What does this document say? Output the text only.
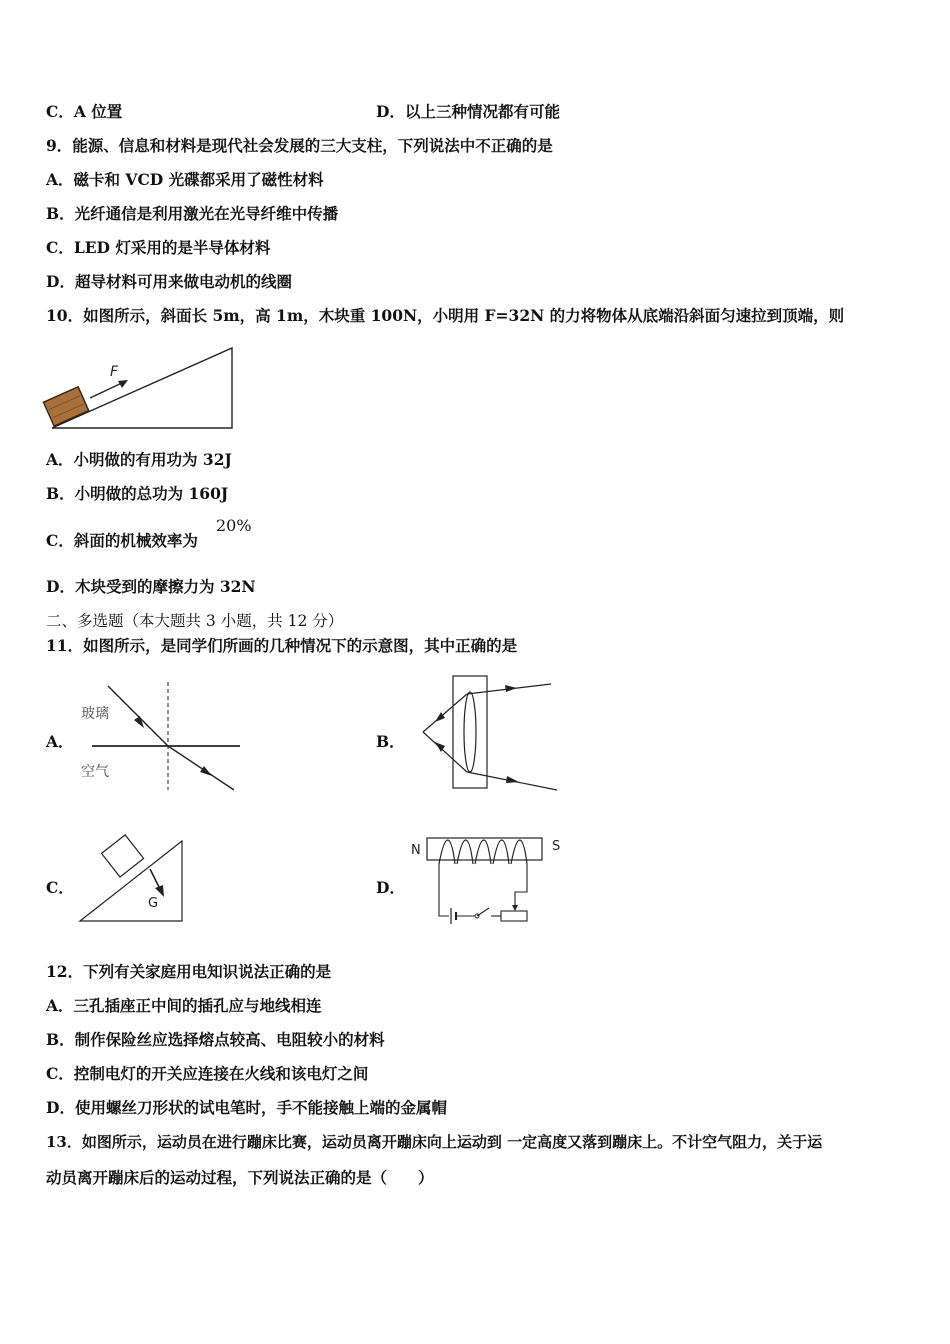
C．A 位置	D．以上三种情况都有可能
9．能源、信息和材料是现代社会发展的三大支柱，下列说法中不正确的是
A．磁卡和 VCD 光碟都采用了磁性材料
B．光纤通信是利用激光在光导纤维中传播
C．LED 灯采用的是半导体材料
D．超导材料可用来做电动机的线圈
10．如图所示，斜面长 5m，高 1m，木块重 100N，小明用 F=32N 的力将物体从底端沿斜面匀速拉到顶端，则
F
A．小明做的有用功为 32J
B．小明做的总功为 160J
C．斜面的机械效率为
20%
D．木块受到的摩擦力为 32N
二、多选题（本大题共 3 小题，共 12 分）
11．如图所示，是同学们所画的几种情况下的示意图，其中正确的是
A．
玻璃
空气
B．
C．
G
D．
N	S
12．下列有关家庭用电知识说法正确的是
A．三孔插座正中间的插孔应与地线相连
B．制作保险丝应选择熔点较高、电阻较小的材料
C．控制电灯的开关应连接在火线和该电灯之间
D．使用螺丝刀形状的试电笔时，手不能接触上端的金属帽
13．如图所示，运动员在进行蹦床比赛，运动员离开蹦床向上运动到 一定高度又落到蹦床上。不计空气阻力，关于运
动员离开蹦床后的运动过程，下列说法正确的是（　　）
